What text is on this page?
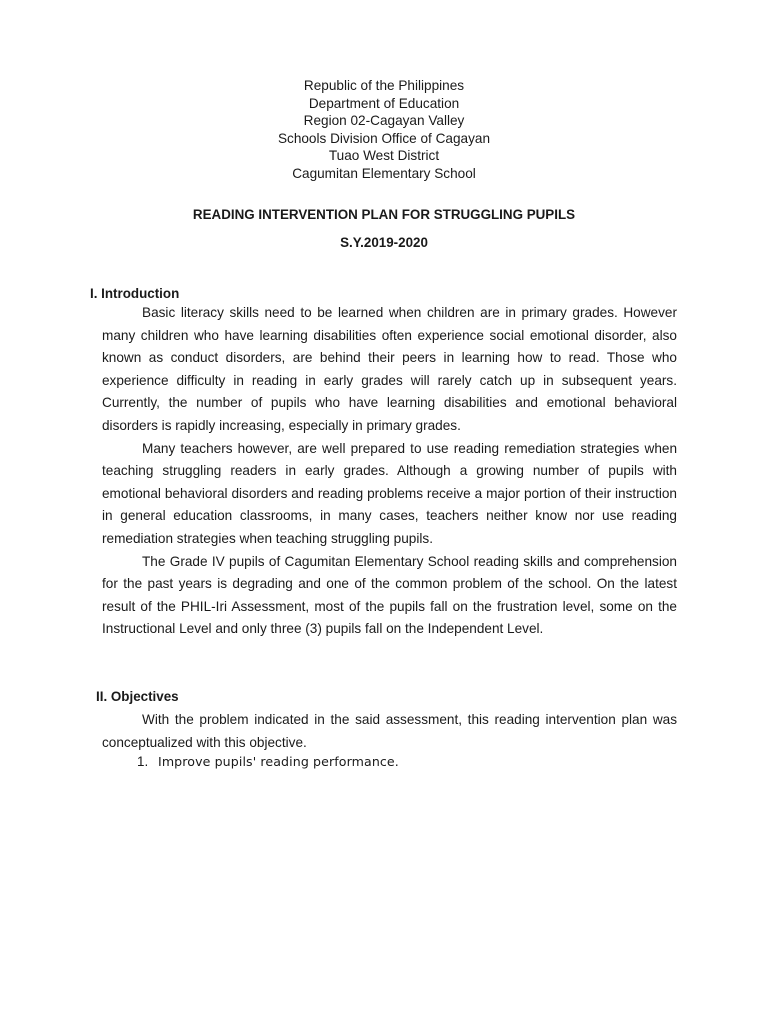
Republic of the Philippines
Department of Education
Region 02-Cagayan Valley
Schools Division Office of Cagayan
Tuao West District
Cagumitan Elementary School
READING INTERVENTION PLAN FOR STRUGGLING PUPILS
S.Y.2019-2020
I. Introduction

Basic literacy skills need to be learned when children are in primary grades. However many children who have learning disabilities often experience social emotional disorder, also known as conduct disorders, are behind their peers in learning how to read. Those who experience difficulty in reading in early grades will rarely catch up in subsequent years. Currently, the number of pupils who have learning disabilities and emotional behavioral disorders is rapidly increasing, especially in primary grades.

Many teachers however, are well prepared to use reading remediation strategies when teaching struggling readers in early grades. Although a growing number of pupils with emotional behavioral disorders and reading problems receive a major portion of their instruction in general education classrooms, in many cases, teachers neither know nor use reading remediation strategies when teaching struggling pupils.

The Grade IV pupils of Cagumitan Elementary School reading skills and comprehension for the past years is degrading and one of the common problem of the school. On the latest result of the PHIL-Iri Assessment, most of the pupils fall on the frustration level, some on the Instructional Level and only three (3) pupils fall on the Independent Level.

II. Objectives

With the problem indicated in the said assessment, this reading intervention plan was conceptualized with this objective.

1. Improve pupils' reading performance.
